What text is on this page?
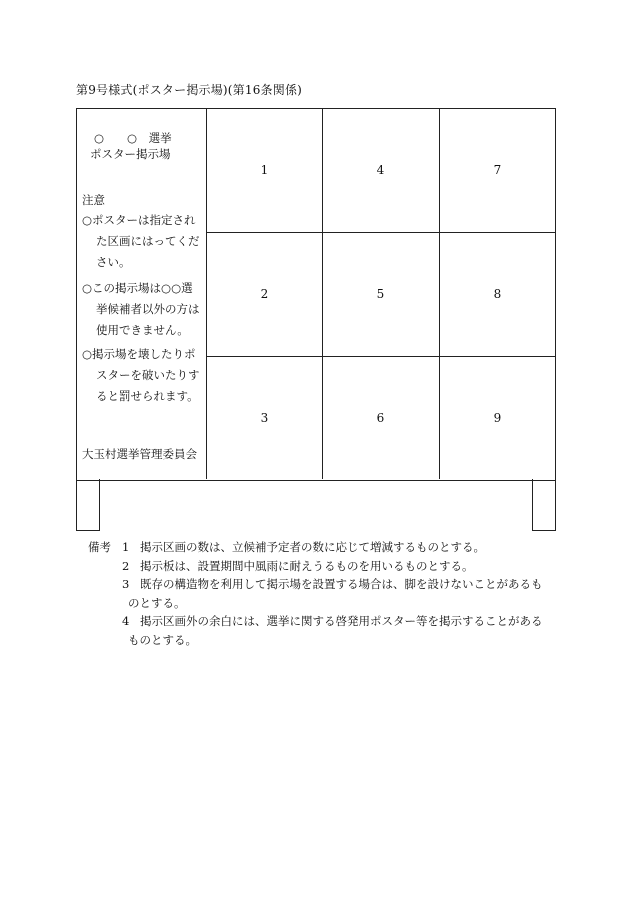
第9号様式(ポスター掲示場)(第16条関係)
1
2
3
4
5
6
7
8
9
○　　○　選挙
ポスター掲示場
注意
○ポスターは指定され
た区画にはってくだ
さい。
○この掲示場は○○選
挙候補者以外の方は
使用できません。
○掲示場を壊したりポ
スターを破いたりす
ると罰せられます。
大玉村選挙管理委員会
備考 1 掲示区画の数は、立候補予定者の数に応じて増減するものとする。
2 掲示板は、設置期間中風雨に耐えうるものを用いるものとする。
3 既存の構造物を利用して掲示場を設置する場合は、脚を設けないことがあるも
のとする。
4 掲示区画外の余白には、選挙に関する啓発用ポスター等を掲示することがある
ものとする。
